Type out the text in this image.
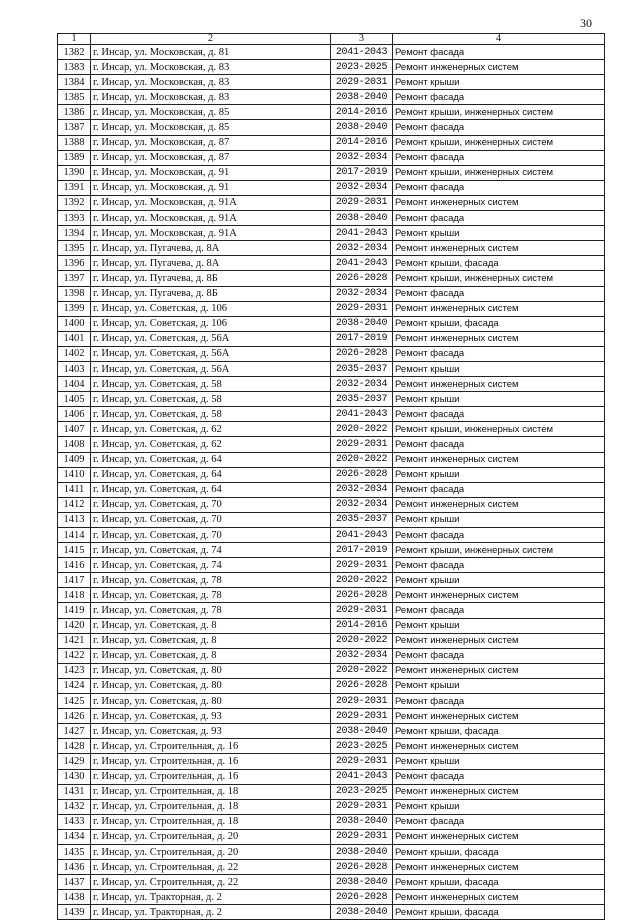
30
1	2	3	4
1382	г. Инсар, ул. Московская, д. 81	2041-2043	Ремонт фасада
1383	г. Инсар, ул. Московская, д. 83	2023-2025	Ремонт инженерных систем
1384	г. Инсар, ул. Московская, д. 83	2029-2031	Ремонт крыши
1385	г. Инсар, ул. Московская, д. 83	2038-2040	Ремонт фасада
1386	г. Инсар, ул. Московская, д. 85	2014-2016	Ремонт крыши, инженерных систем
1387	г. Инсар, ул. Московская, д. 85	2038-2040	Ремонт фасада
1388	г. Инсар, ул. Московская, д. 87	2014-2016	Ремонт крыши, инженерных систем
1389	г. Инсар, ул. Московская, д. 87	2032-2034	Ремонт фасада
1390	г. Инсар, ул. Московская, д. 91	2017-2019	Ремонт крыши, инженерных систем
1391	г. Инсар, ул. Московская, д. 91	2032-2034	Ремонт фасада
1392	г. Инсар, ул. Московская, д. 91А	2029-2031	Ремонт инженерных систем
1393	г. Инсар, ул. Московская, д. 91А	2038-2040	Ремонт фасада
1394	г. Инсар, ул. Московская, д. 91А	2041-2043	Ремонт крыши
1395	г. Инсар, ул. Пугачева, д. 8А	2032-2034	Ремонт инженерных систем
1396	г. Инсар, ул. Пугачева, д. 8А	2041-2043	Ремонт крыши, фасада
1397	г. Инсар, ул. Пугачева, д. 8Б	2026-2028	Ремонт крыши, инженерных систем
1398	г. Инсар, ул. Пугачева, д. 8Б	2032-2034	Ремонт фасада
1399	г. Инсар, ул. Советская, д. 106	2029-2031	Ремонт инженерных систем
1400	г. Инсар, ул. Советская, д. 106	2038-2040	Ремонт крыши, фасада
1401	г. Инсар, ул. Советская, д. 56А	2017-2019	Ремонт инженерных систем
1402	г. Инсар, ул. Советская, д. 56А	2026-2028	Ремонт фасада
1403	г. Инсар, ул. Советская, д. 56А	2035-2037	Ремонт крыши
1404	г. Инсар, ул. Советская, д. 58	2032-2034	Ремонт инженерных систем
1405	г. Инсар, ул. Советская, д. 58	2035-2037	Ремонт крыши
1406	г. Инсар, ул. Советская, д. 58	2041-2043	Ремонт фасада
1407	г. Инсар, ул. Советская, д. 62	2020-2022	Ремонт крыши, инженерных систем
1408	г. Инсар, ул. Советская, д. 62	2029-2031	Ремонт фасада
1409	г. Инсар, ул. Советская, д. 64	2020-2022	Ремонт инженерных систем
1410	г. Инсар, ул. Советская, д. 64	2026-2028	Ремонт крыши
1411	г. Инсар, ул. Советская, д. 64	2032-2034	Ремонт фасада
1412	г. Инсар, ул. Советская, д. 70	2032-2034	Ремонт инженерных систем
1413	г. Инсар, ул. Советская, д. 70	2035-2037	Ремонт крыши
1414	г. Инсар, ул. Советская, д. 70	2041-2043	Ремонт фасада
1415	г. Инсар, ул. Советская, д. 74	2017-2019	Ремонт крыши, инженерных систем
1416	г. Инсар, ул. Советская, д. 74	2029-2031	Ремонт фасада
1417	г. Инсар, ул. Советская, д. 78	2020-2022	Ремонт крыши
1418	г. Инсар, ул. Советская, д. 78	2026-2028	Ремонт инженерных систем
1419	г. Инсар, ул. Советская, д. 78	2029-2031	Ремонт фасада
1420	г. Инсар, ул. Советская, д. 8	2014-2016	Ремонт крыши
1421	г. Инсар, ул. Советская, д. 8	2020-2022	Ремонт инженерных систем
1422	г. Инсар, ул. Советская, д. 8	2032-2034	Ремонт фасада
1423	г. Инсар, ул. Советская, д. 80	2020-2022	Ремонт инженерных систем
1424	г. Инсар, ул. Советская, д. 80	2026-2028	Ремонт крыши
1425	г. Инсар, ул. Советская, д. 80	2029-2031	Ремонт фасада
1426	г. Инсар, ул. Советская, д. 93	2029-2031	Ремонт инженерных систем
1427	г. Инсар, ул. Советская, д. 93	2038-2040	Ремонт крыши, фасада
1428	г. Инсар, ул. Строительная, д. 16	2023-2025	Ремонт инженерных систем
1429	г. Инсар, ул. Строительная, д. 16	2029-2031	Ремонт крыши
1430	г. Инсар, ул. Строительная, д. 16	2041-2043	Ремонт фасада
1431	г. Инсар, ул. Строительная, д. 18	2023-2025	Ремонт инженерных систем
1432	г. Инсар, ул. Строительная, д. 18	2029-2031	Ремонт крыши
1433	г. Инсар, ул. Строительная, д. 18	2038-2040	Ремонт фасада
1434	г. Инсар, ул. Строительная, д. 20	2029-2031	Ремонт инженерных систем
1435	г. Инсар, ул. Строительная, д. 20	2038-2040	Ремонт крыши, фасада
1436	г. Инсар, ул. Строительная, д. 22	2026-2028	Ремонт инженерных систем
1437	г. Инсар, ул. Строительная, д. 22	2038-2040	Ремонт крыши, фасада
1438	г. Инсар, ул. Тракторная, д. 2	2026-2028	Ремонт инженерных систем
1439	г. Инсар, ул. Тракторная, д. 2	2038-2040	Ремонт крыши, фасада
